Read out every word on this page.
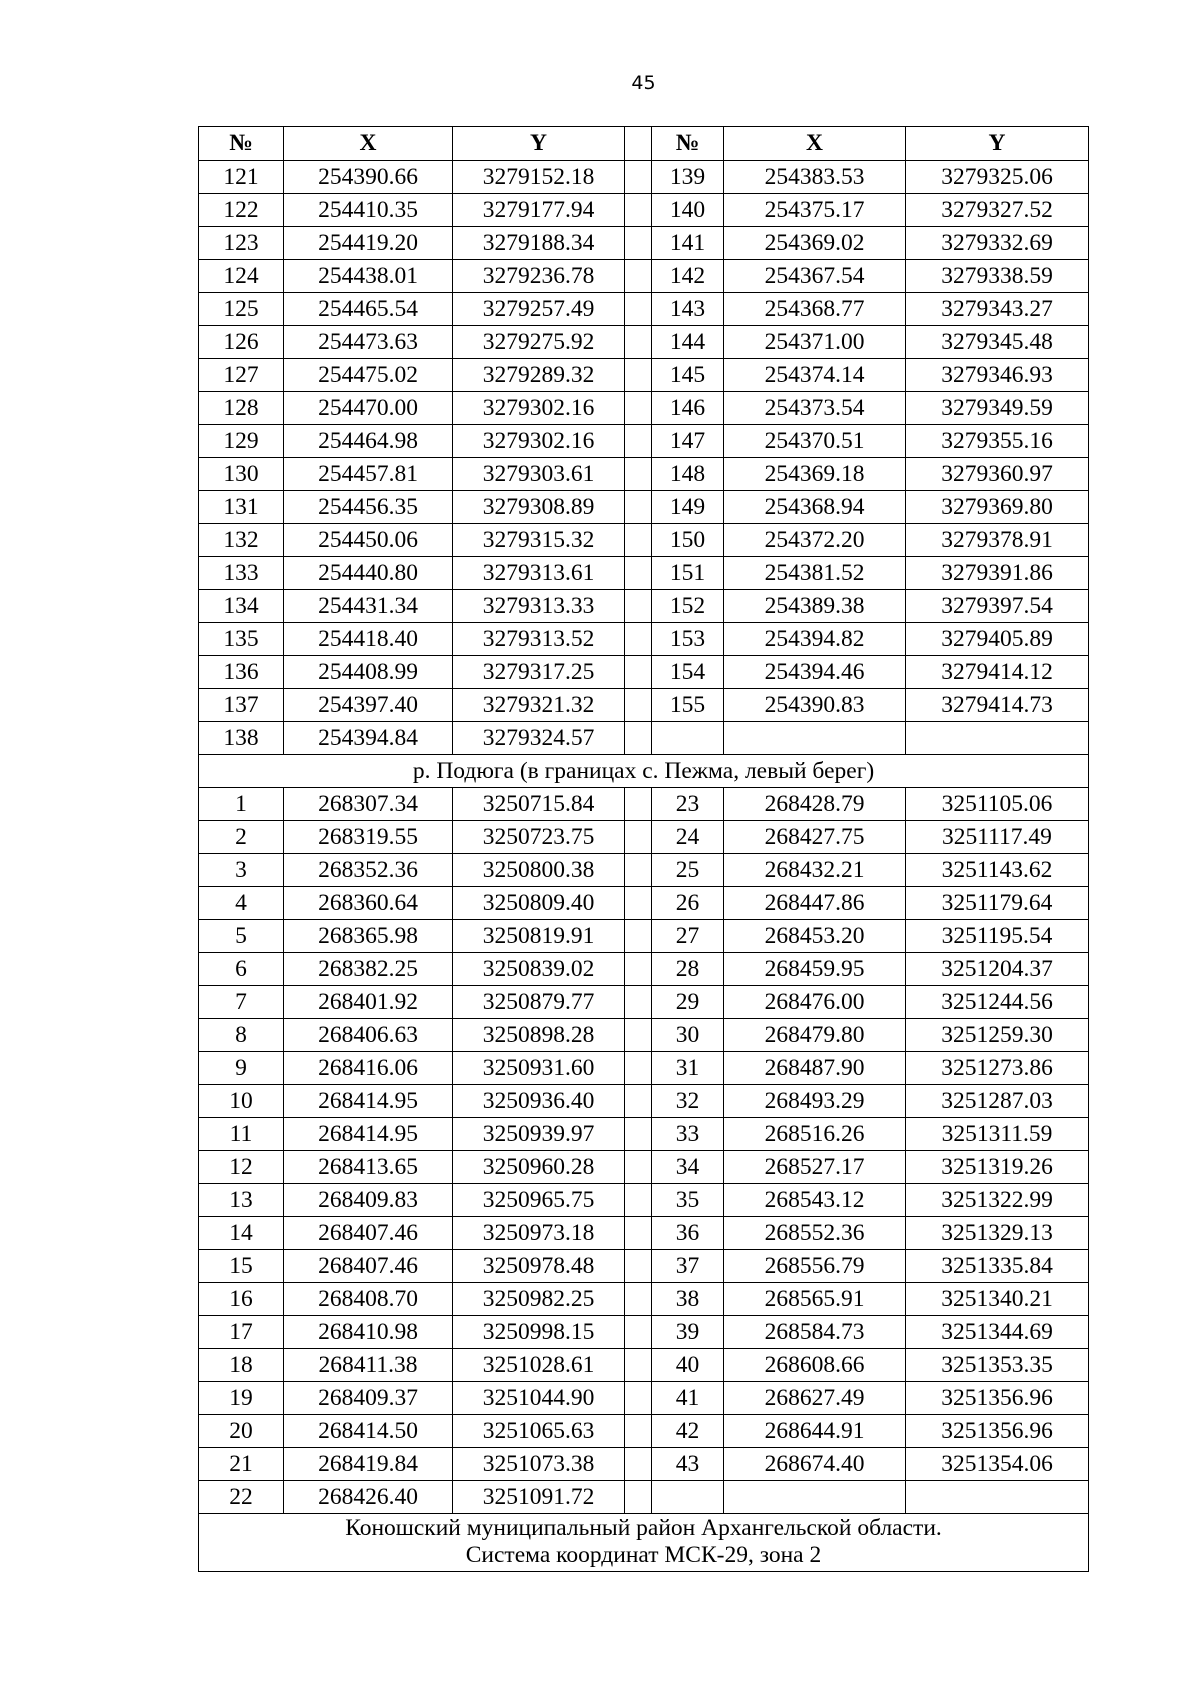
45
№	X	Y		№	X	Y
121	254390.66	3279152.18		139	254383.53	3279325.06
122	254410.35	3279177.94		140	254375.17	3279327.52
123	254419.20	3279188.34		141	254369.02	3279332.69
124	254438.01	3279236.78		142	254367.54	3279338.59
125	254465.54	3279257.49		143	254368.77	3279343.27
126	254473.63	3279275.92		144	254371.00	3279345.48
127	254475.02	3279289.32		145	254374.14	3279346.93
128	254470.00	3279302.16		146	254373.54	3279349.59
129	254464.98	3279302.16		147	254370.51	3279355.16
130	254457.81	3279303.61		148	254369.18	3279360.97
131	254456.35	3279308.89		149	254368.94	3279369.80
132	254450.06	3279315.32		150	254372.20	3279378.91
133	254440.80	3279313.61		151	254381.52	3279391.86
134	254431.34	3279313.33		152	254389.38	3279397.54
135	254418.40	3279313.52		153	254394.82	3279405.89
136	254408.99	3279317.25		154	254394.46	3279414.12
137	254397.40	3279321.32		155	254390.83	3279414.73
138	254394.84	3279324.57				
р. Подюга (в границах с. Пежма, левый берег)						
1	268307.34	3250715.84		23	268428.79	3251105.06
2	268319.55	3250723.75		24	268427.75	3251117.49
3	268352.36	3250800.38		25	268432.21	3251143.62
4	268360.64	3250809.40		26	268447.86	3251179.64
5	268365.98	3250819.91		27	268453.20	3251195.54
6	268382.25	3250839.02		28	268459.95	3251204.37
7	268401.92	3250879.77		29	268476.00	3251244.56
8	268406.63	3250898.28		30	268479.80	3251259.30
9	268416.06	3250931.60		31	268487.90	3251273.86
10	268414.95	3250936.40		32	268493.29	3251287.03
11	268414.95	3250939.97		33	268516.26	3251311.59
12	268413.65	3250960.28		34	268527.17	3251319.26
13	268409.83	3250965.75		35	268543.12	3251322.99
14	268407.46	3250973.18		36	268552.36	3251329.13
15	268407.46	3250978.48		37	268556.79	3251335.84
16	268408.70	3250982.25		38	268565.91	3251340.21
17	268410.98	3250998.15		39	268584.73	3251344.69
18	268411.38	3251028.61		40	268608.66	3251353.35
19	268409.37	3251044.90		41	268627.49	3251356.96
20	268414.50	3251065.63		42	268644.91	3251356.96
21	268419.84	3251073.38		43	268674.40	3251354.06
22	268426.40	3251091.72				

Коношский муниципальный район Архангельской области.
Система координат МСК-29, зона 2						
